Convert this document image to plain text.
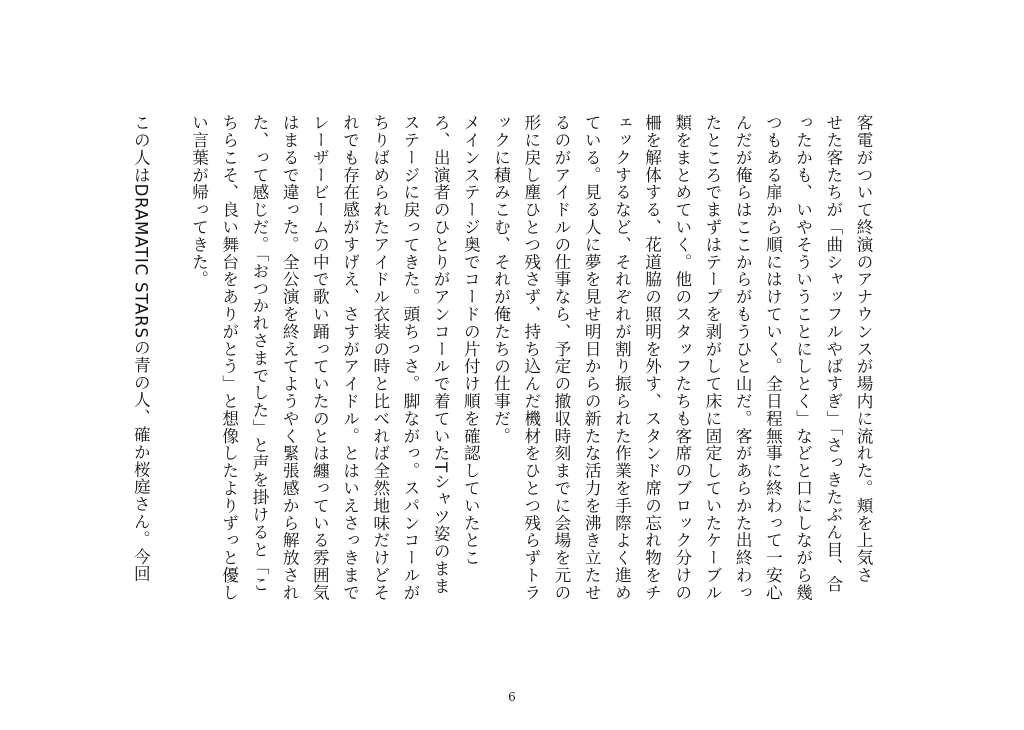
客電がついて終演のアナウンスが場内に流れた。頬を上気さ
せた客たちが「曲シャッフルやばすぎ」「さっきたぶん目、合
ったかも、いやそういうことにしとく」などと口にしながら幾
つもある扉から順にはけていく。全日程無事に終わって一安心
んだが俺らはここからがもうひと山だ。客があらかた出終わっ
たところでまずはテープを剥がして床に固定していたケーブル
類をまとめていく。他のスタッフたちも客席のブロック分けの
柵を解体する、花道脇の照明を外す、スタンド席の忘れ物をチ
ェックするなど、それぞれが割り振られた作業を手際よく進め
ている。見る人に夢を見せ明日からの新たな活力を沸き立たせ
るのがアイドルの仕事なら、予定の撤収時刻までに会場を元の
形に戻し塵ひとつ残さず、持ち込んだ機材をひとつ残らずトラ
ックに積みこむ、それが俺たちの仕事だ。
メインステージ奥でコードの片付け順を確認していたとこ
ろ、出演者のひとりがアンコールで着ていたTシャツ姿のまま
ステージに戻ってきた。頭ちっさ。脚ながっ。スパンコールが
ちりばめられたアイドル衣装の時と比べれば全然地味だけどそ
れでも存在感がすげえ、さすがアイドル。とはいえさっきまで
レーザービームの中で歌い踊っていたのとは纏っている雰囲気
はまるで違った。全公演を終えてようやく緊張感から解放され
た、って感じだ。「おつかれさまでした」と声を掛けると「こ
ちらこそ、良い舞台をありがとう」と想像したよりずっと優し
い言葉が帰ってきた。
この人はDRAMATIC STARSの青の人、確か桜庭さん。今回
6
